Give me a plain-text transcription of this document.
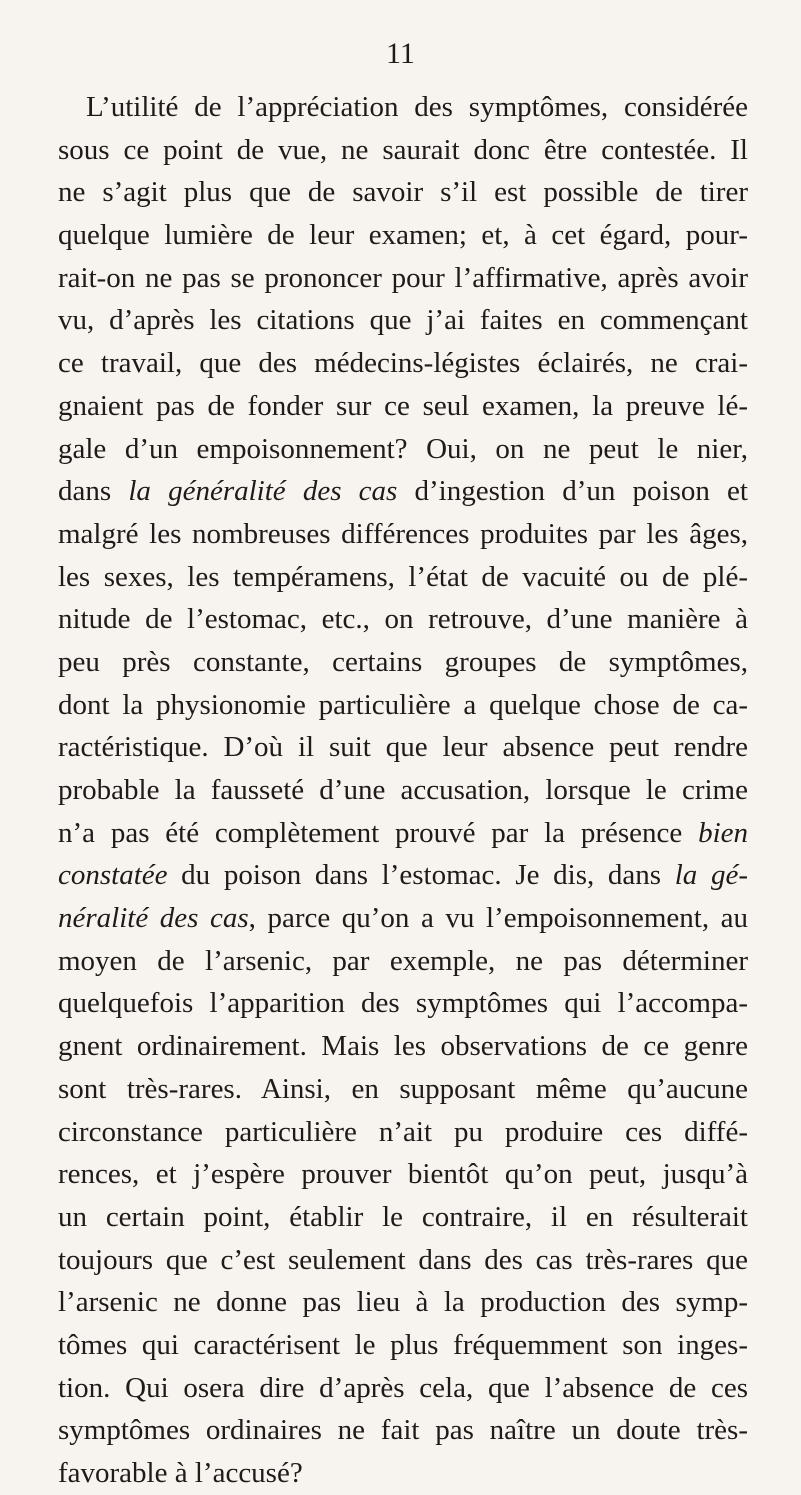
11
L’utilité de l’appréciation des symptômes, considérée
sous ce point de vue, ne saurait donc être contestée. Il
ne s’agit plus que de savoir s’il est possible de tirer
quelque lumière de leur examen; et, à cet égard, pour-
rait-on ne pas se prononcer pour l’affirmative, après avoir
vu, d’après les citations que j’ai faites en commençant
ce travail, que des médecins-légistes éclairés, ne crai-
gnaient pas de fonder sur ce seul examen, la preuve lé-
gale d’un empoisonnement? Oui, on ne peut le nier,
dans la généralité des cas d’ingestion d’un poison et
malgré les nombreuses différences produites par les âges,
les sexes, les tempéramens, l’état de vacuité ou de plé-
nitude de l’estomac, etc., on retrouve, d’une manière à
peu près constante, certains groupes de symptômes,
dont la physionomie particulière a quelque chose de ca-
ractéristique. D’où il suit que leur absence peut rendre
probable la fausseté d’une accusation, lorsque le crime
n’a pas été complètement prouvé par la présence bien
constatée du poison dans l’estomac. Je dis, dans la gé-
néralité des cas, parce qu’on a vu l’empoisonnement, au
moyen de l’arsenic, par exemple, ne pas déterminer
quelquefois l’apparition des symptômes qui l’accompa-
gnent ordinairement. Mais les observations de ce genre
sont très-rares. Ainsi, en supposant même qu’aucune
circonstance particulière n’ait pu produire ces diffé-
rences, et j’espère prouver bientôt qu’on peut, jusqu’à
un certain point, établir le contraire, il en résulterait
toujours que c’est seulement dans des cas très-rares que
l’arsenic ne donne pas lieu à la production des symp-
tômes qui caractérisent le plus fréquemment son inges-
tion. Qui osera dire d’après cela, que l’absence de ces
symptômes ordinaires ne fait pas naître un doute très-
favorable à l’accusé?
